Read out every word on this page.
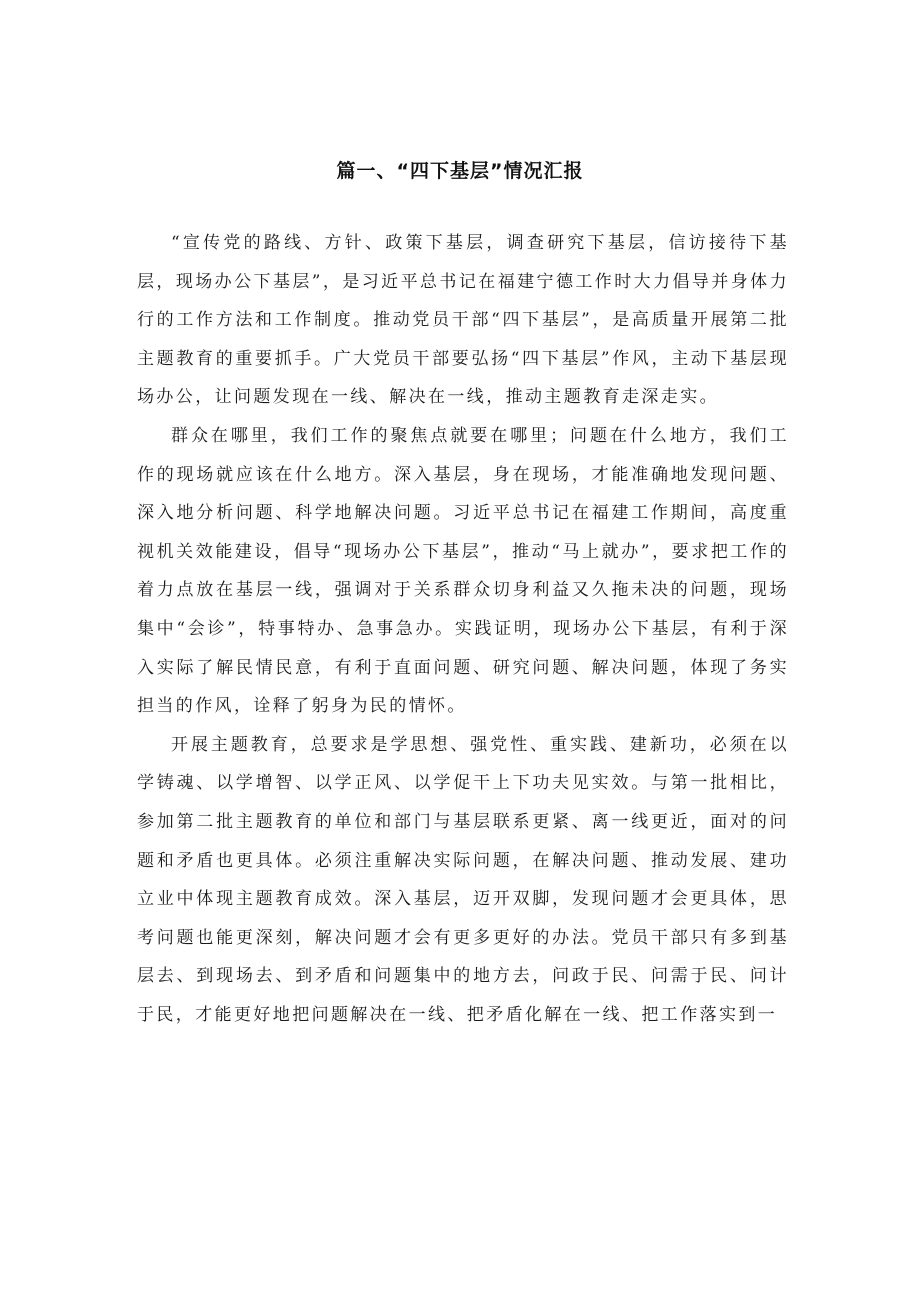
篇一、“四下基层”情况汇报

“宣传党的路线、方针、政策下基层，调查研究下基层，信访接待下基层，现场办公下基层”，是习近平总书记在福建宁德工作时大力倡导并身体力行的工作方法和工作制度。推动党员干部“四下基层”，是高质量开展第二批主题教育的重要抓手。广大党员干部要弘扬“四下基层”作风，主动下基层现场办公，让问题发现在一线、解决在一线，推动主题教育走深走实。

群众在哪里，我们工作的聚焦点就要在哪里；问题在什么地方，我们工作的现场就应该在什么地方。深入基层，身在现场，才能准确地发现问题、深入地分析问题、科学地解决问题。习近平总书记在福建工作期间，高度重视机关效能建设，倡导“现场办公下基层”，推动“马上就办”，要求把工作的着力点放在基层一线，强调对于关系群众切身利益又久拖未决的问题，现场集中“会诊”，特事特办、急事急办。实践证明，现场办公下基层，有利于深入实际了解民情民意，有利于直面问题、研究问题、解决问题，体现了务实担当的作风，诠释了躬身为民的情怀。

开展主题教育，总要求是学思想、强党性、重实践、建新功，必须在以学铸魂、以学增智、以学正风、以学促干上下功夫见实效。与第一批相比，参加第二批主题教育的单位和部门与基层联系更紧、离一线更近，面对的问题和矛盾也更具体。必须注重解决实际问题，在解决问题、推动发展、建功立业中体现主题教育成效。深入基层，迈开双脚，发现问题才会更具体，思考问题也能更深刻，解决问题才会有更多更好的办法。党员干部只有多到基层去、到现场去、到矛盾和问题集中的地方去，问政于民、问需于民、问计于民，才能更好地把问题解决在一线、把矛盾化解在一线、把工作落实到一
